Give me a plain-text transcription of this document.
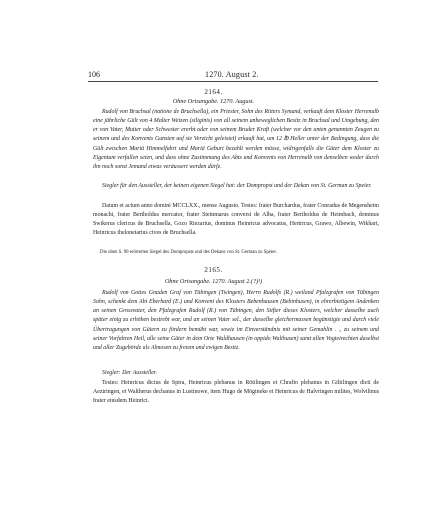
106	1270. August 2.
2164.
Ohne Ortsangabe. 1270. August.

Rudolf von Bruchsal (natione de Bruchsella), ein Priester, Sohn des Ritters Symund, verkauft dem Kloster Herrenalb eine jährliche Gült von 4 Malter Weizen (siliginis) von all seinem unbeweglichen Besitz in Bruchsal und Umgebung, den er von Vater, Mutter oder Schwester ererbt oder von seinem Bruder Kraft (welcher vor den unten genannten Zeugen zu seinem und des Konvents Gunsten auf sie Verzicht geleistet) erkauft hat, um 12 ℔ Heller unter der Bedingung, dass die Gült zwischen Mariä Himmelfahrt und Mariä Geburt bezahlt werden müsse, widrigenfalls die Güter dem Kloster zu Eigentum verfallen seien, und dass ohne Zustimmung des Abts und Konvents von Herrenalb von denselben weder durch ihn noch sonst Jemand etwas veräussert werden dürfe.

Siegler für den Aussteller, der keinen eigenen Siegel hat: der Dompropst und der Dekan von St. German zu Speier.

Datum et actum anno domini MCCLXX., mense Augusto. Testes: frater Burchardus, frater Conradus de Megensheim monachi, frater Bertholdus mercator, frater Steinmarus conversi de Alba, frater Bertholdus de Heimbach, dominus Swikerus clericus de Bruchsella, Gozo Riezarius, dominus Heinricus advocatus, Hertricus, Grawo, Albewin, Wikhart, Heinricus theloneiarius cives de Bruchsella.

Die oben S. 90 erörterten Siegel des Dompropsts und des Dekans von St. German zu Speier.
2165.
Ohne Ortsangabe. 1270. August 2.(?)¹)

Rudolf von Gottes Gnaden Graf von Tübingen (Twingen), Herrn Rudolfs (R.) weiland Pfalzgrafen von Tübingen Sohn, schenkt dem Abt Eberhard (E.) und Konvent des Klosters Bebenhausen (Bebinhusen), in ehrerbietigem Andenken an seinen Grossvater, den Pfalzgrafen Rudolf (R.) von Tübingen, den Stifter dieses Klosters, welcher dasselbe auch später einig zu erhöhen bestrebt war, und an seinen Vater sel., der dasselbe gleichermassen begünstigte und durch viele Übertragungen von Gütern zu fördern bemüht war, sowie im Einverständnis mit seiner Gemahlin . ., zu seinem und seiner Vorfahren Heil, alle seine Güter in dem Orte Waldhausen (in oppido Walthusen) samt allen Vogteirechten daselbst und aller Zugehörde als Almosen zu freiem und ewigen Besitz.

Siegler: Der Aussteller.

Testes: Heinricus dictus de Spira, Heinricus plebanus in Rötilingen et Chrafto plebanus in Giltilingen dicti de Aeztringen, et Waltherus dechanus in Lustinowe, item Hugo de Mögineke et Heinricus de Halvringen milites, Wolvilinus frater eiusdem Heinrici.
